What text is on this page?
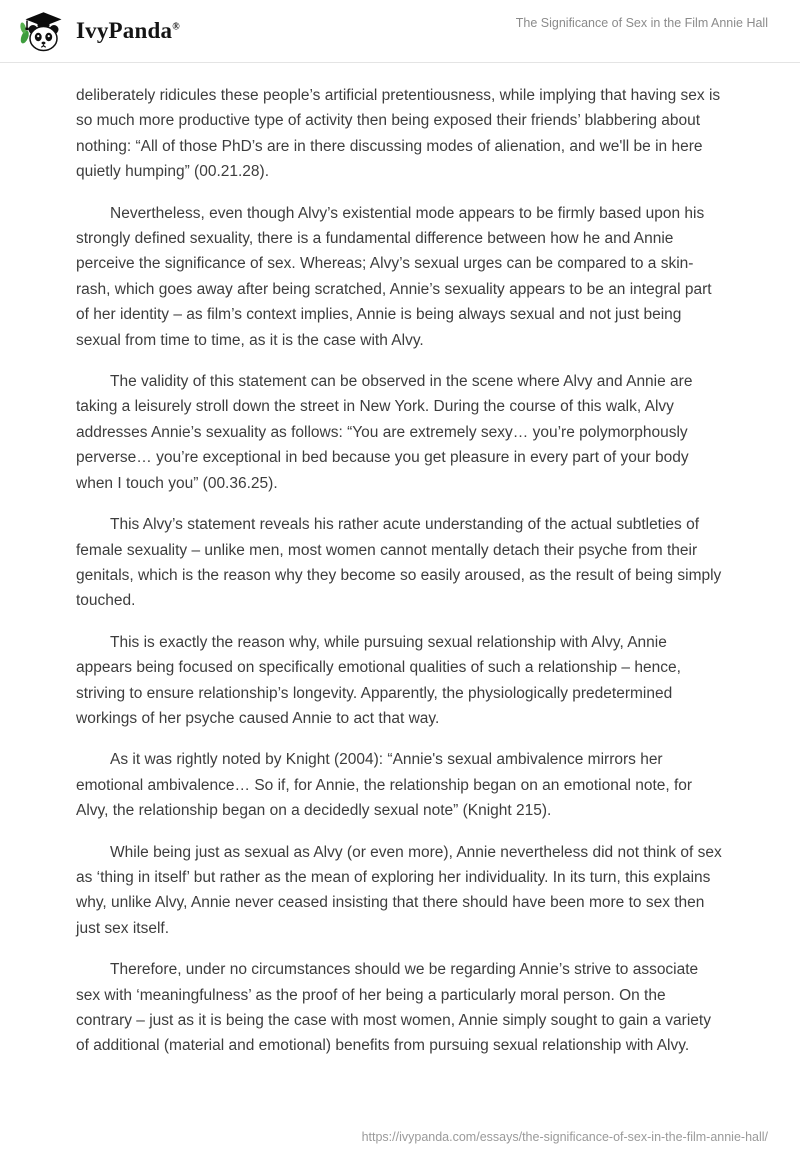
IvyPanda®	The Significance of Sex in the Film Annie Hall

deliberately ridicules these people’s artificial pretentiousness, while implying that having sex is so much more productive type of activity then being exposed their friends’ blabbering about nothing: “All of those PhD’s are in there discussing modes of alienation, and we'll be in here quietly humping” (00.21.28).

Nevertheless, even though Alvy’s existential mode appears to be firmly based upon his strongly defined sexuality, there is a fundamental difference between how he and Annie perceive the significance of sex. Whereas; Alvy’s sexual urges can be compared to a skin-rash, which goes away after being scratched, Annie’s sexuality appears to be an integral part of her identity – as film’s context implies, Annie is being always sexual and not just being sexual from time to time, as it is the case with Alvy.

The validity of this statement can be observed in the scene where Alvy and Annie are taking a leisurely stroll down the street in New York. During the course of this walk, Alvy addresses Annie’s sexuality as follows: “You are extremely sexy… you’re polymorphously perverse… you’re exceptional in bed because you get pleasure in every part of your body when I touch you” (00.36.25).

This Alvy’s statement reveals his rather acute understanding of the actual subtleties of female sexuality – unlike men, most women cannot mentally detach their psyche from their genitals, which is the reason why they become so easily aroused, as the result of being simply touched.

This is exactly the reason why, while pursuing sexual relationship with Alvy, Annie appears being focused on specifically emotional qualities of such a relationship – hence, striving to ensure relationship’s longevity. Apparently, the physiologically predetermined workings of her psyche caused Annie to act that way.

As it was rightly noted by Knight (2004): “Annie's sexual ambivalence mirrors her emotional ambivalence… So if, for Annie, the relationship began on an emotional note, for Alvy, the relationship began on a decidedly sexual note” (Knight 215).

While being just as sexual as Alvy (or even more), Annie nevertheless did not think of sex as ‘thing in itself’ but rather as the mean of exploring her individuality. In its turn, this explains why, unlike Alvy, Annie never ceased insisting that there should have been more to sex then just sex itself.

Therefore, under no circumstances should we be regarding Annie’s strive to associate sex with ‘meaningfulness’ as the proof of her being a particularly moral person. On the contrary – just as it is being the case with most women, Annie simply sought to gain a variety of additional (material and emotional) benefits from pursuing sexual relationship with Alvy.

https://ivypanda.com/essays/the-significance-of-sex-in-the-film-annie-hall/
